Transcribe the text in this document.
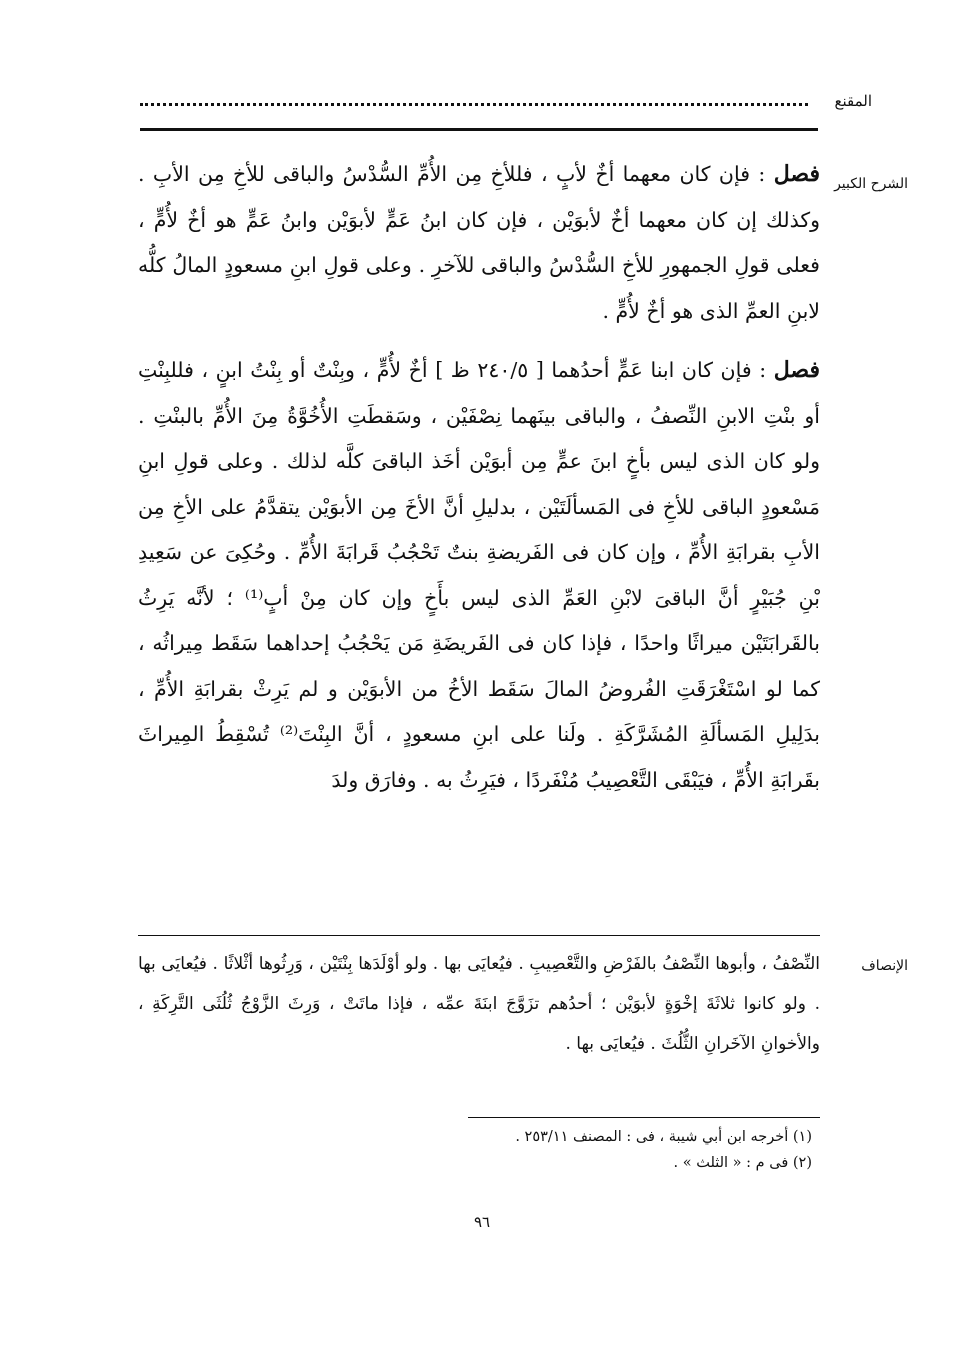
المقنع
الشرح الكبير

فصل : فإن كان معهما أخٌ لأبٍ ، فللأخِ مِن الأُمِّ السُّدْسُ والباقى للأخِ مِن الأبِ . وكذلك إن كان معهما أخٌ لأبوَيْن ، فإن كان ابنُ عَمٍّ لأبوَيْن وابنُ عَمٍّ هو أخٌ لأُمٍّ ، فعلى قولِ الجمهورِ للأخِ السُّدْسُ والباقى للآخرِ . وعلى قولِ ابنِ مسعودٍ المالُ كلُّه لابنِ العمِّ الذى هو أخٌ لأُمٍّ .

فصل : فإن كان ابنا عَمٍّ أحدُهما [ ٢٤٠/٥ ظ ] أخٌ لأُمٍّ ، وبِنْتٌ أو بِنْتُ ابنٍ ، فللبِنْتِ أو بنْتِ الابنِ النِّصفُ ، والباقى بينَهما نِصْفَيْن ، وسَقطَتِ الأُخُوَّةُ مِنَ الأُمِّ بالبنْتِ . ولو كان الذى ليس بأخٍ ابنَ عمٍّ مِن أبوَيْن أخَذ الباقىَ كلَّه لذلك . وعلى قولِ ابنِ مَسْعودٍ الباقى للأخِ فى المَسألَتَيْن ، بدليلِ أنَّ الأخَ مِن الأبوَيْن يتقدَّمُ على الأخِ مِن الأبِ بقرابَةِ الأُمِّ ، وإن كان فى الفَريضةِ بنتٌ تَحْجُبُ قَرابَةَ الأُمِّ . وحُكِىَ عن سَعِيدِ بْنِ جُبَيْرٍ أنَّ الباقىَ لابْنِ العَمِّ الذى ليس بأَخٍ وإن كان مِنْ أبٍ⁽¹⁾ ؛ لأنَّه يَرِثُ بالقَرابَتَيْن ميراثًا واحدًا ، فإذا كان فى الفَريضَةِ مَن يَحْجُبُ إحداهما سَقَط مِيراثُه ، كما لو اسْتَغْرَقَتِ الفُروضُ المالَ سَقَط الأخُ من الأبوَيْن و لم يَرِثْ بقرابَةِ الأُمِّ ، بدَلِيلِ المَسألَةِ المُشَرَّكَةِ . ولَنا على ابنِ مسعودٍ ، أنَّ البِنْتَ⁽²⁾ تُسْقِطُ المِيراثَ بقَرابَةِ الأُمِّ ، فيَبْقَى التَّعْصِيبُ مُنْفَردًا ، فيَرِثُ به . وفارَق ولدَ

الإنصاف

النِّصْفُ ، وأبوها النِّصْفُ بالفَرْضِ والتَّعْصِيبِ . فيُعايَى بها . ولو أوْلَدَها بِنْتَيْن ، وَرِثُوها أثْلاثًا . فيُعايَى بها . ولو كانوا ثلاثَةَ إخْوَةٍ لأبوَيْن ؛ أحدُهم تزَوَّجَ ابنَةَ عمِّه ، فإذا ماتَتْ ، وَرِثَ الزَّوْجُ ثُلُثَى التَّرِكَةِ ، والأخوانِ الآخَرانِ الثُّلُثَ . فيُعايَى بها .

(١) أخرجه ابن أبي شيبة ، فى : المصنف ٢٥٣/١١ .
(٢) فى م : « الثلث » .
٩٦
